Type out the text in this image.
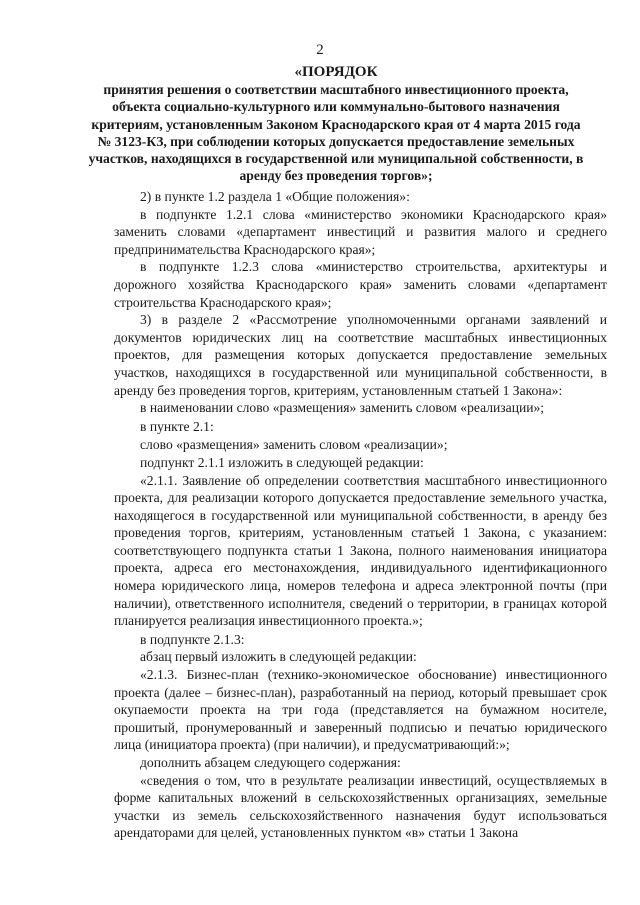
2
«ПОРЯДОК
принятия решения о соответствии масштабного инвестиционного проекта, объекта социально-культурного или коммунально-бытового назначения критериям, установленным Законом Краснодарского края от 4 марта 2015 года № 3123-КЗ, при соблюдении которых допускается предоставление земельных участков, находящихся в государственной или муниципальной собственности, в аренду без проведения торгов»;

2) в пункте 1.2 раздела 1 «Общие положения»:

в подпункте 1.2.1 слова «министерство экономики Краснодарского края» заменить словами «департамент инвестиций и развития малого и среднего предпринимательства Краснодарского края»;

в подпункте 1.2.3 слова «министерство строительства, архитектуры и дорожного хозяйства Краснодарского края» заменить словами «департамент строительства Краснодарского края»;

3) в разделе 2 «Рассмотрение уполномоченными органами заявлений и документов юридических лиц на соответствие масштабных инвестиционных проектов, для размещения которых допускается предоставление земельных участков, находящихся в государственной или муниципальной собственности, в аренду без проведения торгов, критериям, установленным статьей 1 Закона»:

в наименовании слово «размещения» заменить словом «реализации»;

в пункте 2.1:

слово «размещения» заменить словом «реализации»;

подпункт 2.1.1 изложить в следующей редакции:

«2.1.1. Заявление об определении соответствия масштабного инвестиционного проекта, для реализации которого допускается предоставление земельного участка, находящегося в государственной или муниципальной собственности, в аренду без проведения торгов, критериям, установленным статьей 1 Закона, с указанием: соответствующего подпункта статьи 1 Закона, полного наименования инициатора проекта, адреса его местонахождения, индивидуального идентификационного номера юридического лица, номеров телефона и адреса электронной почты (при наличии), ответственного исполнителя, сведений о территории, в границах которой планируется реализация инвестиционного проекта.»;

в подпункте 2.1.3:

абзац первый изложить в следующей редакции:

«2.1.3. Бизнес-план (технико-экономическое обоснование) инвестиционного проекта (далее – бизнес-план), разработанный на период, который превышает срок окупаемости проекта на три года (представляется на бумажном носителе, прошитый, пронумерованный и заверенный подписью и печатью юридического лица (инициатора проекта) (при наличии), и предусматривающий:»;

дополнить абзацем следующего содержания:

«сведения о том, что в результате реализации инвестиций, осуществляемых в форме капитальных вложений в сельскохозяйственных организациях, земельные участки из земель сельскохозяйственного назначения будут использоваться арендаторами для целей, установленных пунктом «в» статьи 1 Закона
